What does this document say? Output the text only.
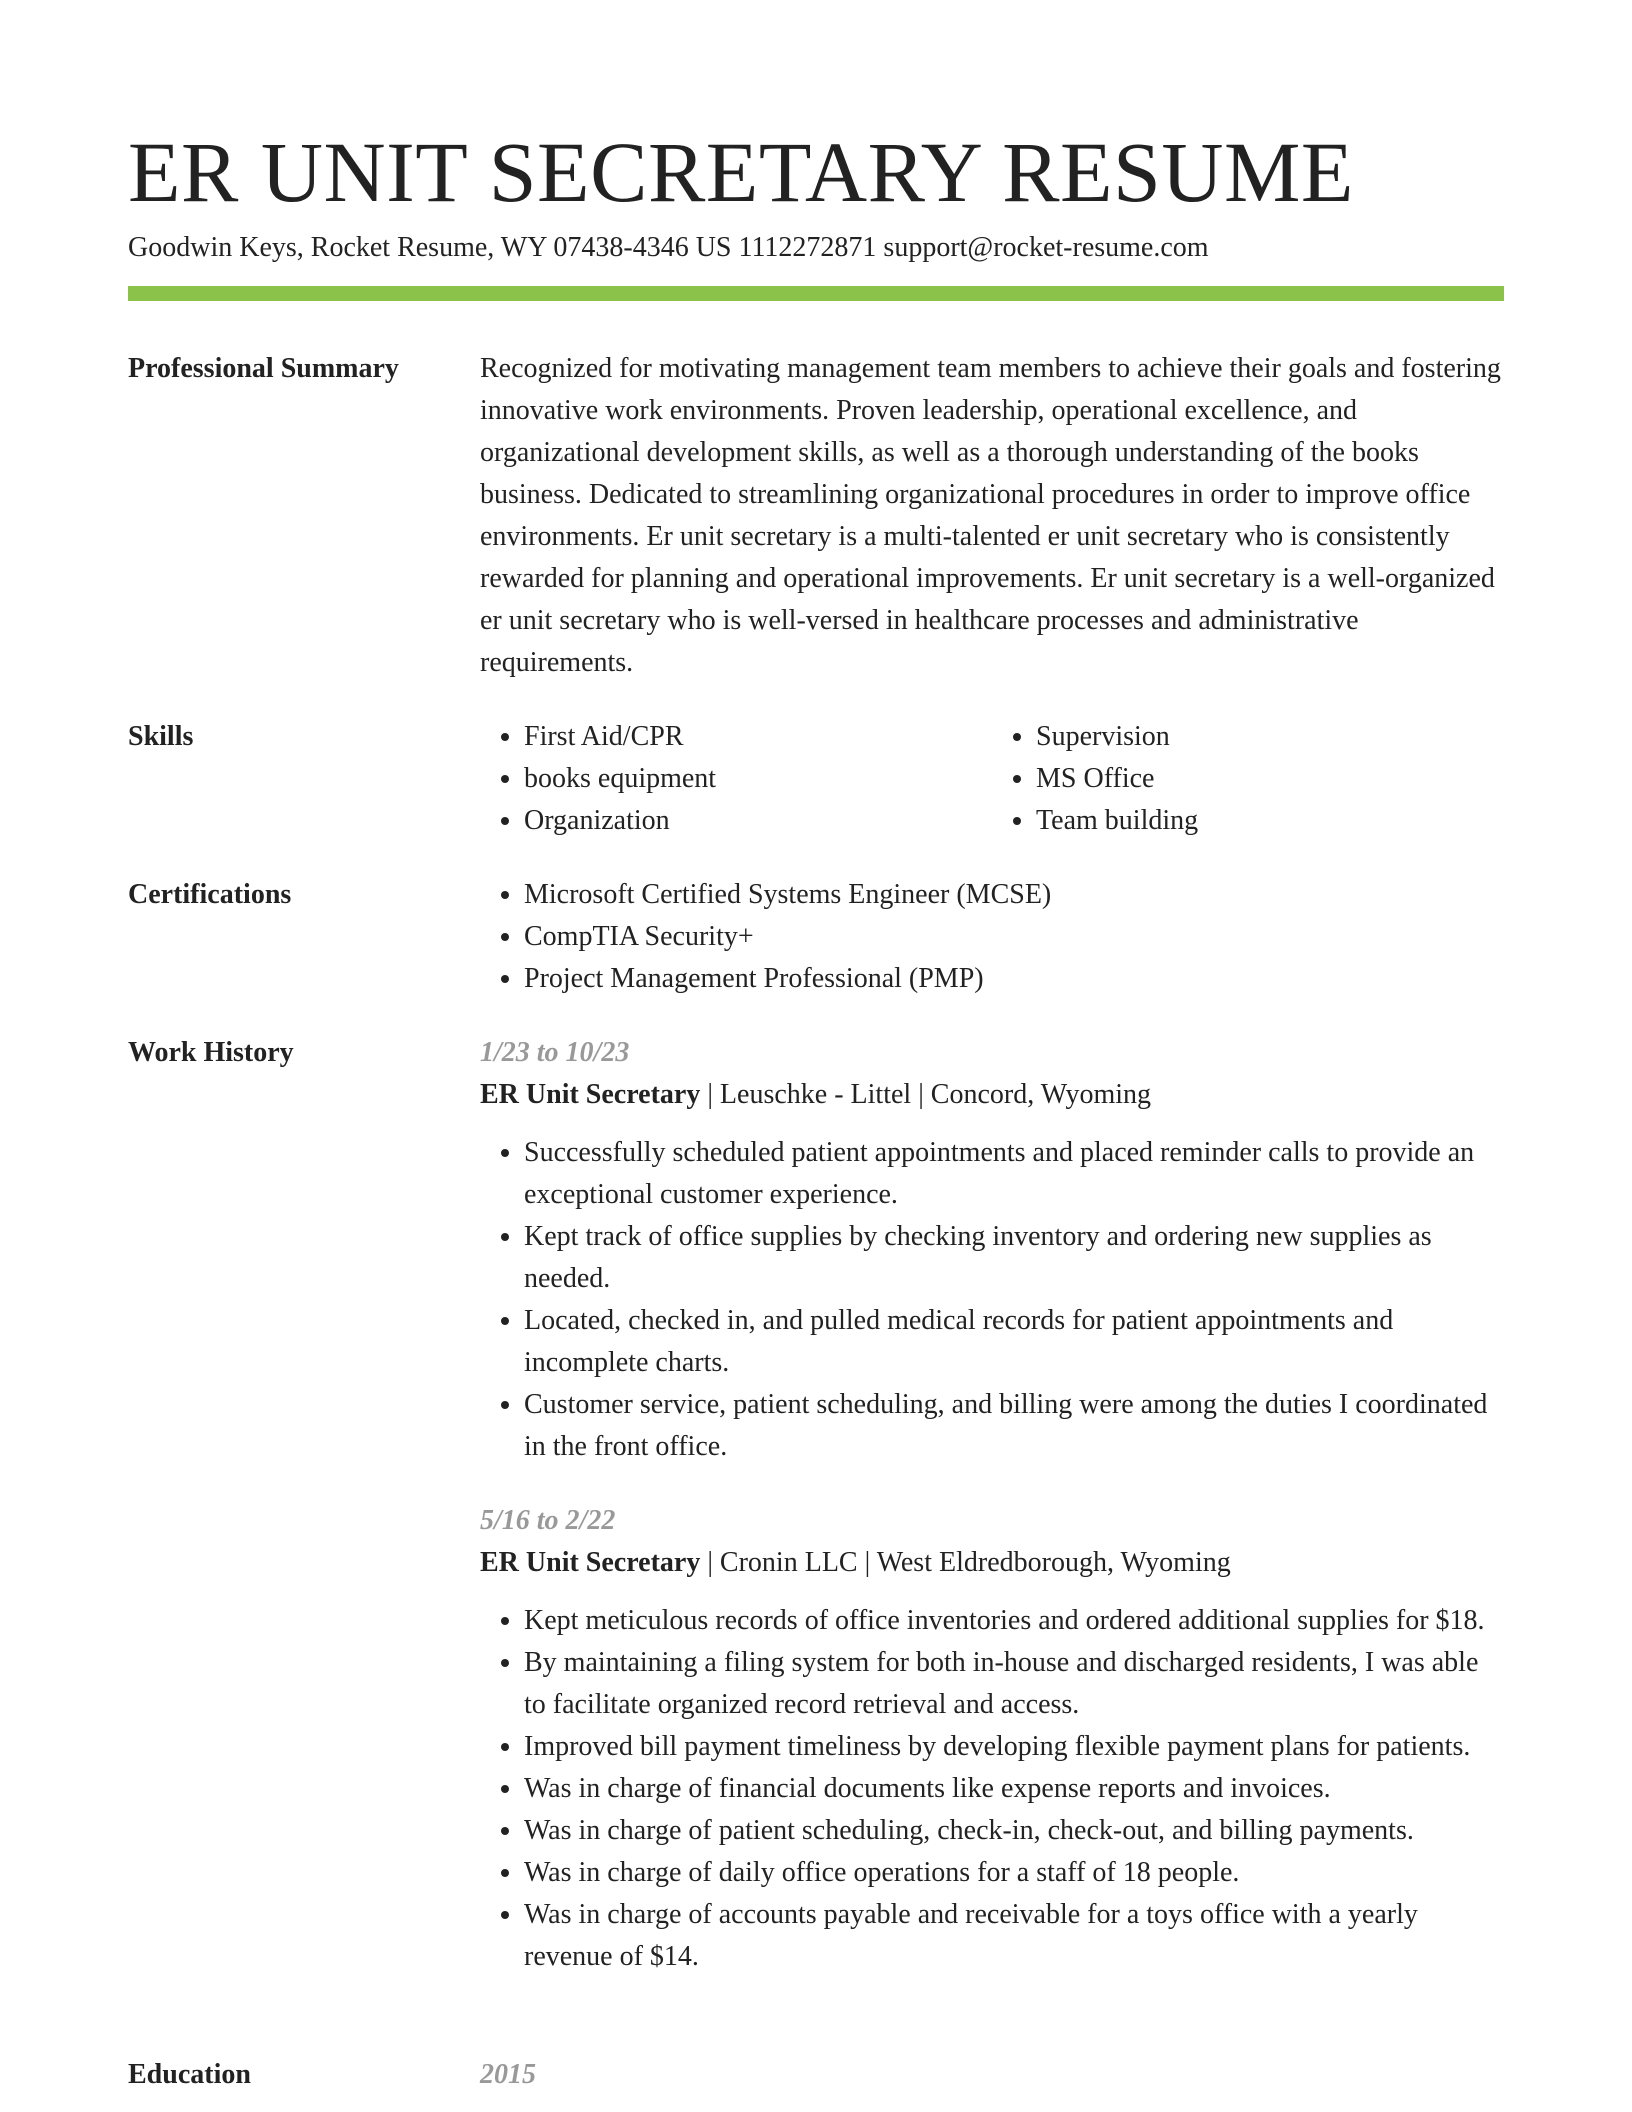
ER UNIT SECRETARY RESUME
Goodwin Keys, Rocket Resume, WY 07438-4346 US 1112272871 support@rocket-resume.com
Professional Summary	Recognized for motivating management team members to achieve their goals and fostering innovative work environments. Proven leadership, operational excellence, and organizational development skills, as well as a thorough understanding of the books business. Dedicated to streamlining organizational procedures in order to improve office environments. Er unit secretary is a multi-talented er unit secretary who is consistently rewarded for planning and operational improvements. Er unit secretary is a well-organized er unit secretary who is well-versed in healthcare processes and administrative requirements.

Skills	• First Aid/CPR
• books equipment
• Organization
• Supervision
• MS Office
• Team building
Certifications	• Microsoft Certified Systems Engineer (MCSE)
• CompTIA Security+
• Project Management Professional (PMP)
Work History	1/23 to 10/23
ER Unit Secretary | Leuschke - Littel | Concord, Wyoming
• Successfully scheduled patient appointments and placed reminder calls to provide an exceptional customer experience.
• Kept track of office supplies by checking inventory and ordering new supplies as needed.
• Located, checked in, and pulled medical records for patient appointments and incomplete charts.
• Customer service, patient scheduling, and billing were among the duties I coordinated in the front office.
5/16 to 2/22
ER Unit Secretary | Cronin LLC | West Eldredborough, Wyoming
• Kept meticulous records of office inventories and ordered additional supplies for $18.
• By maintaining a filing system for both in-house and discharged residents, I was able to facilitate organized record retrieval and access.
• Improved bill payment timeliness by developing flexible payment plans for patients.
• Was in charge of financial documents like expense reports and invoices.
• Was in charge of patient scheduling, check-in, check-out, and billing payments.
• Was in charge of daily office operations for a staff of 18 people.
• Was in charge of accounts payable and receivable for a toys office with a yearly revenue of $14.
Education	2015
